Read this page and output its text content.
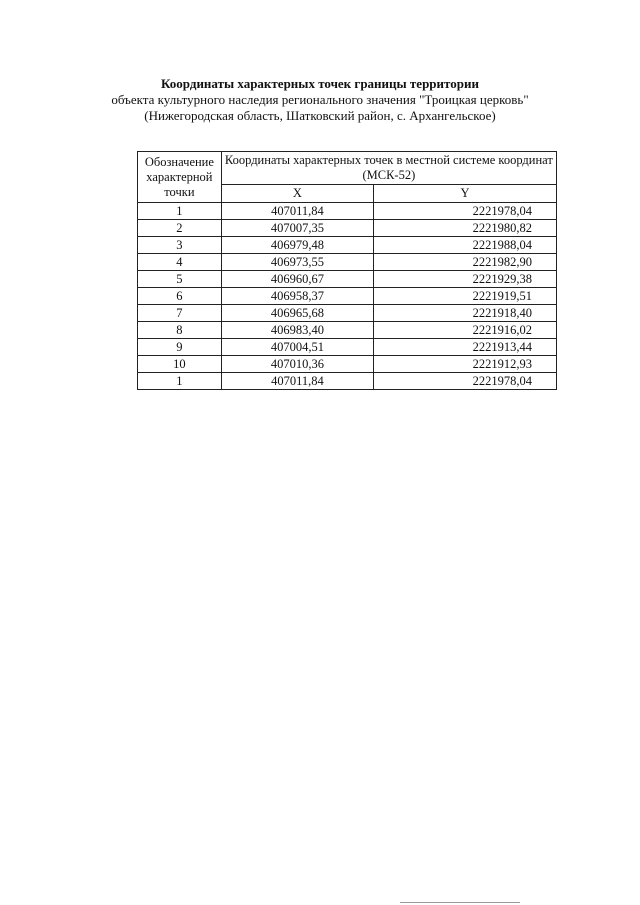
Координаты характерных точек границы территории
объекта культурного наследия регионального значения "Троицкая церковь"
(Нижегородская область, Шатковский район, с. Архангельское)
Обозначение характерной точки	Координаты характерных точек в местной системе координат (МСК-52)	
	X	Y
1	407011,84	2221978,04
2	407007,35	2221980,82
3	406979,48	2221988,04
4	406973,55	2221982,90
5	406960,67	2221929,38
6	406958,37	2221919,51
7	406965,68	2221918,40
8	406983,40	2221916,02
9	407004,51	2221913,44
10	407010,36	2221912,93
1	407011,84	2221978,04
